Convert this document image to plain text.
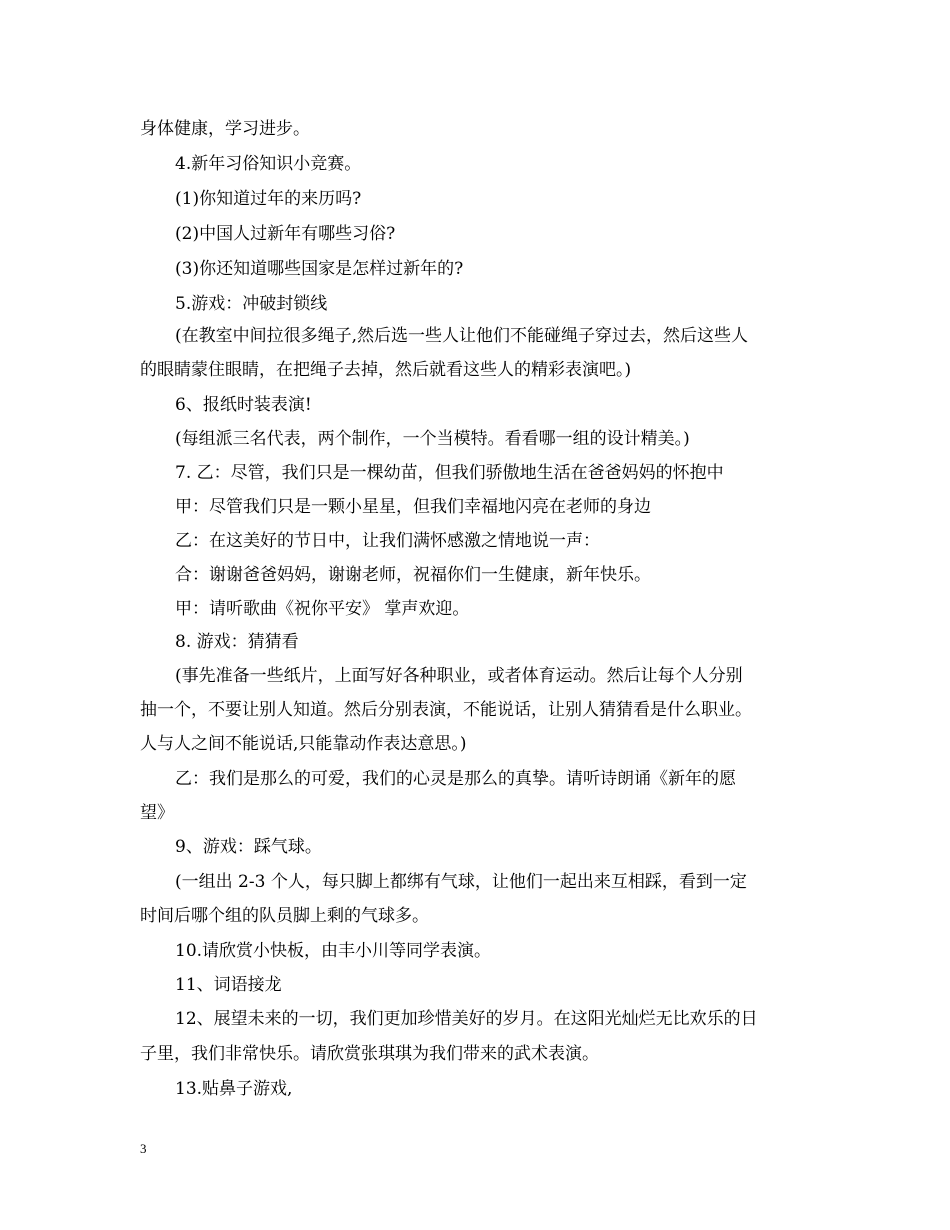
身体健康，学习进步。
4.新年习俗知识小竞赛。
(1)你知道过年的来历吗?
(2)中国人过新年有哪些习俗?
(3)你还知道哪些国家是怎样过新年的?
5.游戏：冲破封锁线
(在教室中间拉很多绳子,然后选一些人让他们不能碰绳子穿过去，然后这些人
的眼睛蒙住眼睛，在把绳子去掉，然后就看这些人的精彩表演吧。)
6、报纸时装表演!
(每组派三名代表，两个制作，一个当模特。看看哪一组的设计精美。)
7. 乙：尽管，我们只是一棵幼苗，但我们骄傲地生活在爸爸妈妈的怀抱中
甲：尽管我们只是一颗小星星，但我们幸福地闪亮在老师的身边
乙：在这美好的节日中，让我们满怀感激之情地说一声：
合：谢谢爸爸妈妈，谢谢老师，祝福你们一生健康，新年快乐。
甲：请听歌曲《祝你平安》 掌声欢迎。
8. 游戏：猜猜看
(事先准备一些纸片，上面写好各种职业，或者体育运动。然后让每个人分别
抽一个，不要让别人知道。然后分别表演，不能说话，让别人猜猜看是什么职业。
人与人之间不能说话,只能靠动作表达意思。)
乙：我们是那么的可爱，我们的心灵是那么的真挚。请听诗朗诵《新年的愿
望》
9、游戏：踩气球。
(一组出 2-3 个人，每只脚上都绑有气球，让他们一起出来互相踩，看到一定
时间后哪个组的队员脚上剩的气球多。
10.请欣赏小快板，由丰小川等同学表演。
11、词语接龙
12、展望未来的一切，我们更加珍惜美好的岁月。在这阳光灿烂无比欢乐的日
子里，我们非常快乐。请欣赏张琪琪为我们带来的武术表演。
13.贴鼻子游戏,
3
